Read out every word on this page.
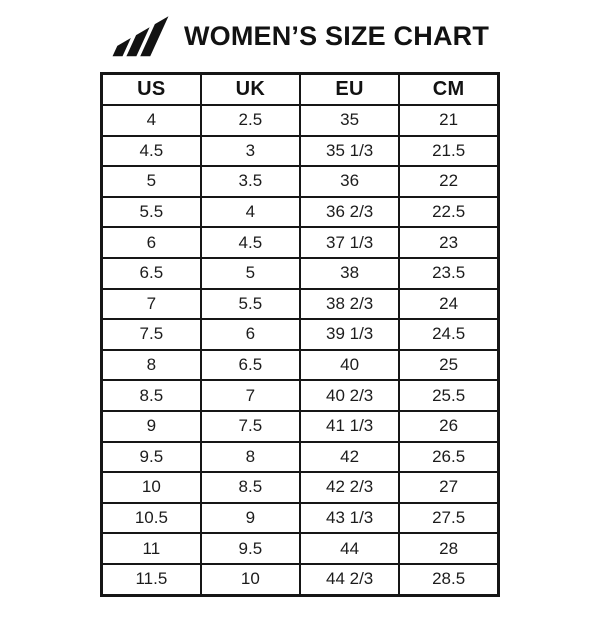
WOMEN’S SIZE CHART
US	UK	EU	CM
4	2.5	35	21
4.5	3	35 1/3	21.5
5	3.5	36	22
5.5	4	36 2/3	22.5
6	4.5	37 1/3	23
6.5	5	38	23.5
7	5.5	38 2/3	24
7.5	6	39 1/3	24.5
8	6.5	40	25
8.5	7	40 2/3	25.5
9	7.5	41 1/3	26
9.5	8	42	26.5
10	8.5	42 2/3	27
10.5	9	43 1/3	27.5
11	9.5	44	28
11.5	10	44 2/3	28.5
